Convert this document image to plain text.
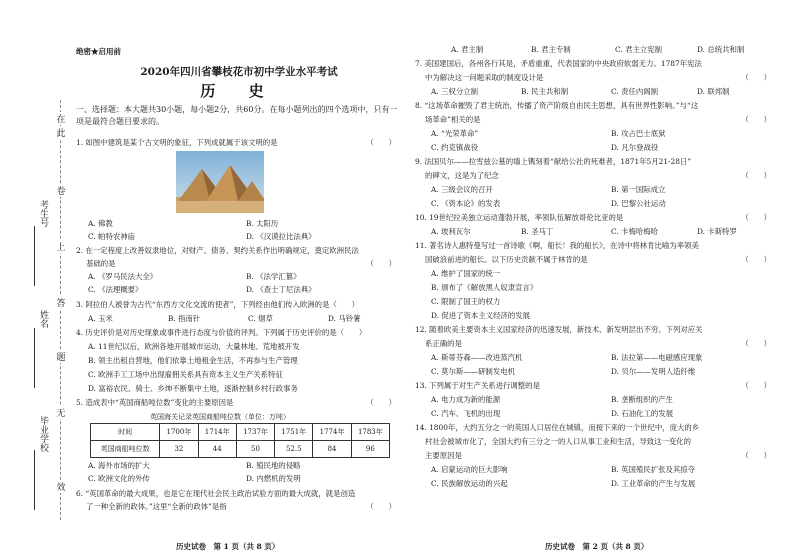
考生号
姓名
毕业学校
在
此
卷
上
答
题
无
效
绝密★启用前
2020年四川省攀枝花市初中学业水平考试
历 史
一、选择题：本大题共30小题，每小题2分，共60分。在每小题列出的四个选项中，只有一项是最符合题目要求的。
1. 如图中建筑是某个古文明的象征，下列成就属于该文明的是	（　　）
A. 佛教	B. 太阳历
C. 帕特农神庙	D. 《汉谟拉比法典》
2. 在一定程度上改善奴隶地位，对财产、债务、契约关系作出明确规定，奠定欧洲民法
基础的是	（　　）
A. 《罗马民法大全》	B. 《法学汇篡》
C. 《法理概要》	D. 《查士丁尼法典》
3. 阿拉伯人被誉为古代“东西方文化交流的使者”，下列经由他们传入欧洲的是（　　）
A. 玉米	B. 指南针	C. 烟草	D. 马铃薯
4. 历史评价是对历史现象或事件进行态度与价值的评判。下列属于历史评价的是（　　）
A. 11世纪以后，欧洲各地开展城市运动，大量林地、荒地被开发
B. 领主出租自营地，他们依靠土地租金生活，不再参与生产管理
C. 欧洲手工工场中出现雇佣关系具有资本主义生产关系特征
D. 富裕农民、骑士、乡绅不断集中土地，逐渐控制乡村行政事务
5. 造成表中“英国商船吨位数”变化的主要原因是	（　　）
英国海关记录英国商船吨位数（单位：万吨）
时间	1700年	1714年	1737年	1751年	1774年	1783年
英国商船吨位数	32	44	50	52.5	84	96
A. 海外市场的扩大	B. 殖民地的侵略
C. 欧洲文化的外传	D. 内燃机的发明
6. “英国革命的最大成果，也是它在现代社会民主政治试验方面的最大成就，就是创造
了一种全新的政体。”这里“全新的政体”是指	（　　）
历史试卷　第 1 页（共 8 页）
A. 君主制	B. 君主专制	C. 君主立宪制	D. 总统共和制
7. 美国建国后，各州各行其是，矛盾重重，代表国家的中央政府软弱无力。1787年宪法
中为解决这一问题采取的制度设计是	（　　）
A. 三权分立制	B. 民主共和制	C. 责任内阁制	D. 联邦制
8. “这场革命摧毁了君主统治，传播了资产阶级自由民主思想，具有世界性影响。”与“这
场革命”相关的是	（　　）
A. “光荣革命”	B. 攻占巴士底狱
C. 约克镇战役	D. 凡尔登战役
9. 法国贝尔——拉雪兹公墓的墙上镌刻着“献给公社的死难者，1871年5月21-28日”
的碑文，这是为了纪念	（　　）
A. 三级会议的召开	B. 第一国际成立
C. 《资本论》的发表	D. 巴黎公社运动
10. 19世纪拉美独立运动蓬勃开展，率领队伍解放哥伦比亚的是	（　　）
A. 玻利瓦尔	B. 圣马丁	C. 卡梅哈梅哈	D. 卡斯特罗
11. 著名诗人惠特曼写过一首诗歌《啊，船长！我的船长》，在诗中将林肯比喻为率领美
国破浪前进的船长。以下历史贡献不属于林肯的是	（　　）
A. 维护了国家的统一
B. 颁布了《解放黑人奴隶宣言》
C. 限制了国王的权力
D. 促进了资本主义经济的发展
12. 随着欧美主要资本主义国家经济的迅速发展，新技术、新发明层出不穷。下列对应关
系正确的是	（　　）
A. 斯蒂芬森——改进蒸汽机	B. 法拉第——电磁感应现象
C. 莫尔斯——研制发电机	D. 贝尔——发明人造纤维
13. 下列属于对生产关系进行调整的是	（　　）
A. 电力成为新的能源	B. 垄断组织的产生
C. 汽车、飞机的出现	D. 石油化工的发展
14. 1800年，大约五分之一的英国人口居住在城镇，而接下来的一个世纪中，庞大的乡
村社会被城市化了，全国大约有三分之一的人口从事工业和生活，导致这一变化的
主要原因是	（　　）
A. 启蒙运动的巨大影响	B. 英国殖民扩张及其掠夺
C. 民族解放运动的兴起	D. 工业革命的产生与发展
历史试卷　第 2 页（共 8 页）
